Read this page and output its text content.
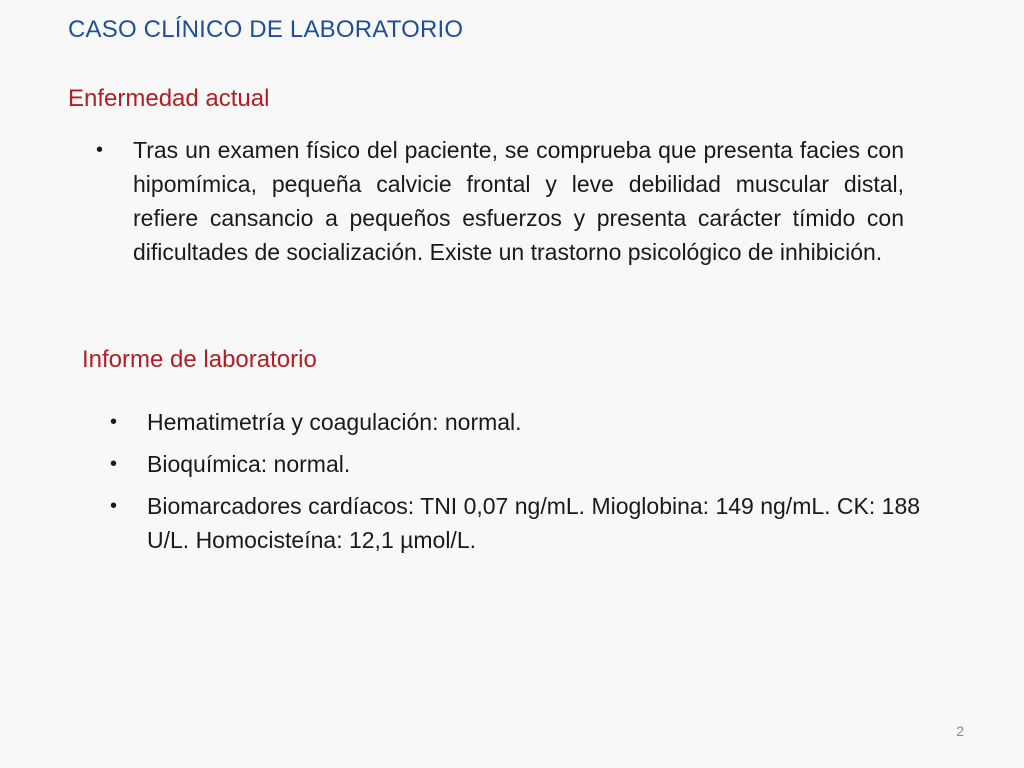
CASO CLÍNICO DE LABORATORIO
Enfermedad actual
• Tras un examen físico del paciente, se comprueba que presenta facies con hipomímica, pequeña calvicie frontal y leve debilidad muscular distal, refiere cansancio a pequeños esfuerzos y presenta carácter tímido con dificultades de socialización. Existe un trastorno psicológico de inhibición.
Informe de laboratorio
• Hematimetría y coagulación: normal.
• Bioquímica: normal.
• Biomarcadores cardíacos: TNI 0,07 ng/mL. Mioglobina: 149 ng/mL. CK: 188 U/L. Homocisteína: 12,1 µmol/L.
2
